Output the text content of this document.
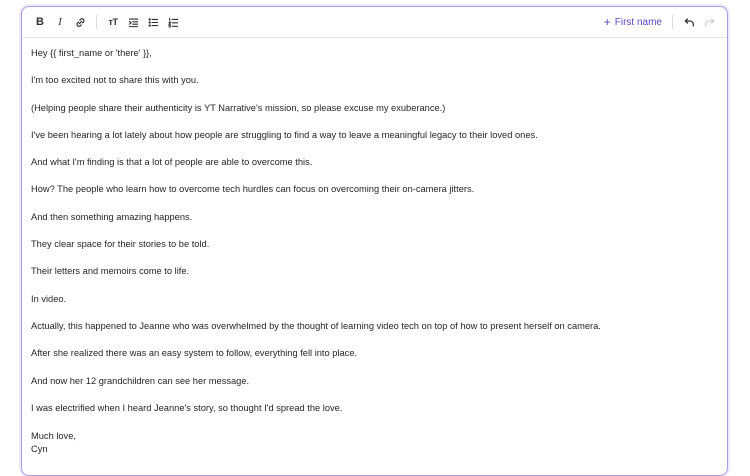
B I	тT	+ First name

Hey {{ first_name or 'there' }},

I'm too excited not to share this with you.

(Helping people share their authenticity is YT Narrative's mission, so please excuse my exuberance.)

I've been hearing a lot lately about how people are struggling to find a way to leave a meaningful legacy to their loved ones.

And what I'm finding is that a lot of people are able to overcome this.

How? The people who learn how to overcome tech hurdles can focus on overcoming their on-camera jitters.

And then something amazing happens.

They clear space for their stories to be told.

Their letters and memoirs come to life.

In video.

Actually, this happened to Jeanne who was overwhelmed by the thought of learning video tech on top of how to present herself on camera.

After she realized there was an easy system to follow, everything fell into place.

And now her 12 grandchildren can see her message.

I was electrified when I heard Jeanne's story, so thought I'd spread the love.

Much love,

Cyn
